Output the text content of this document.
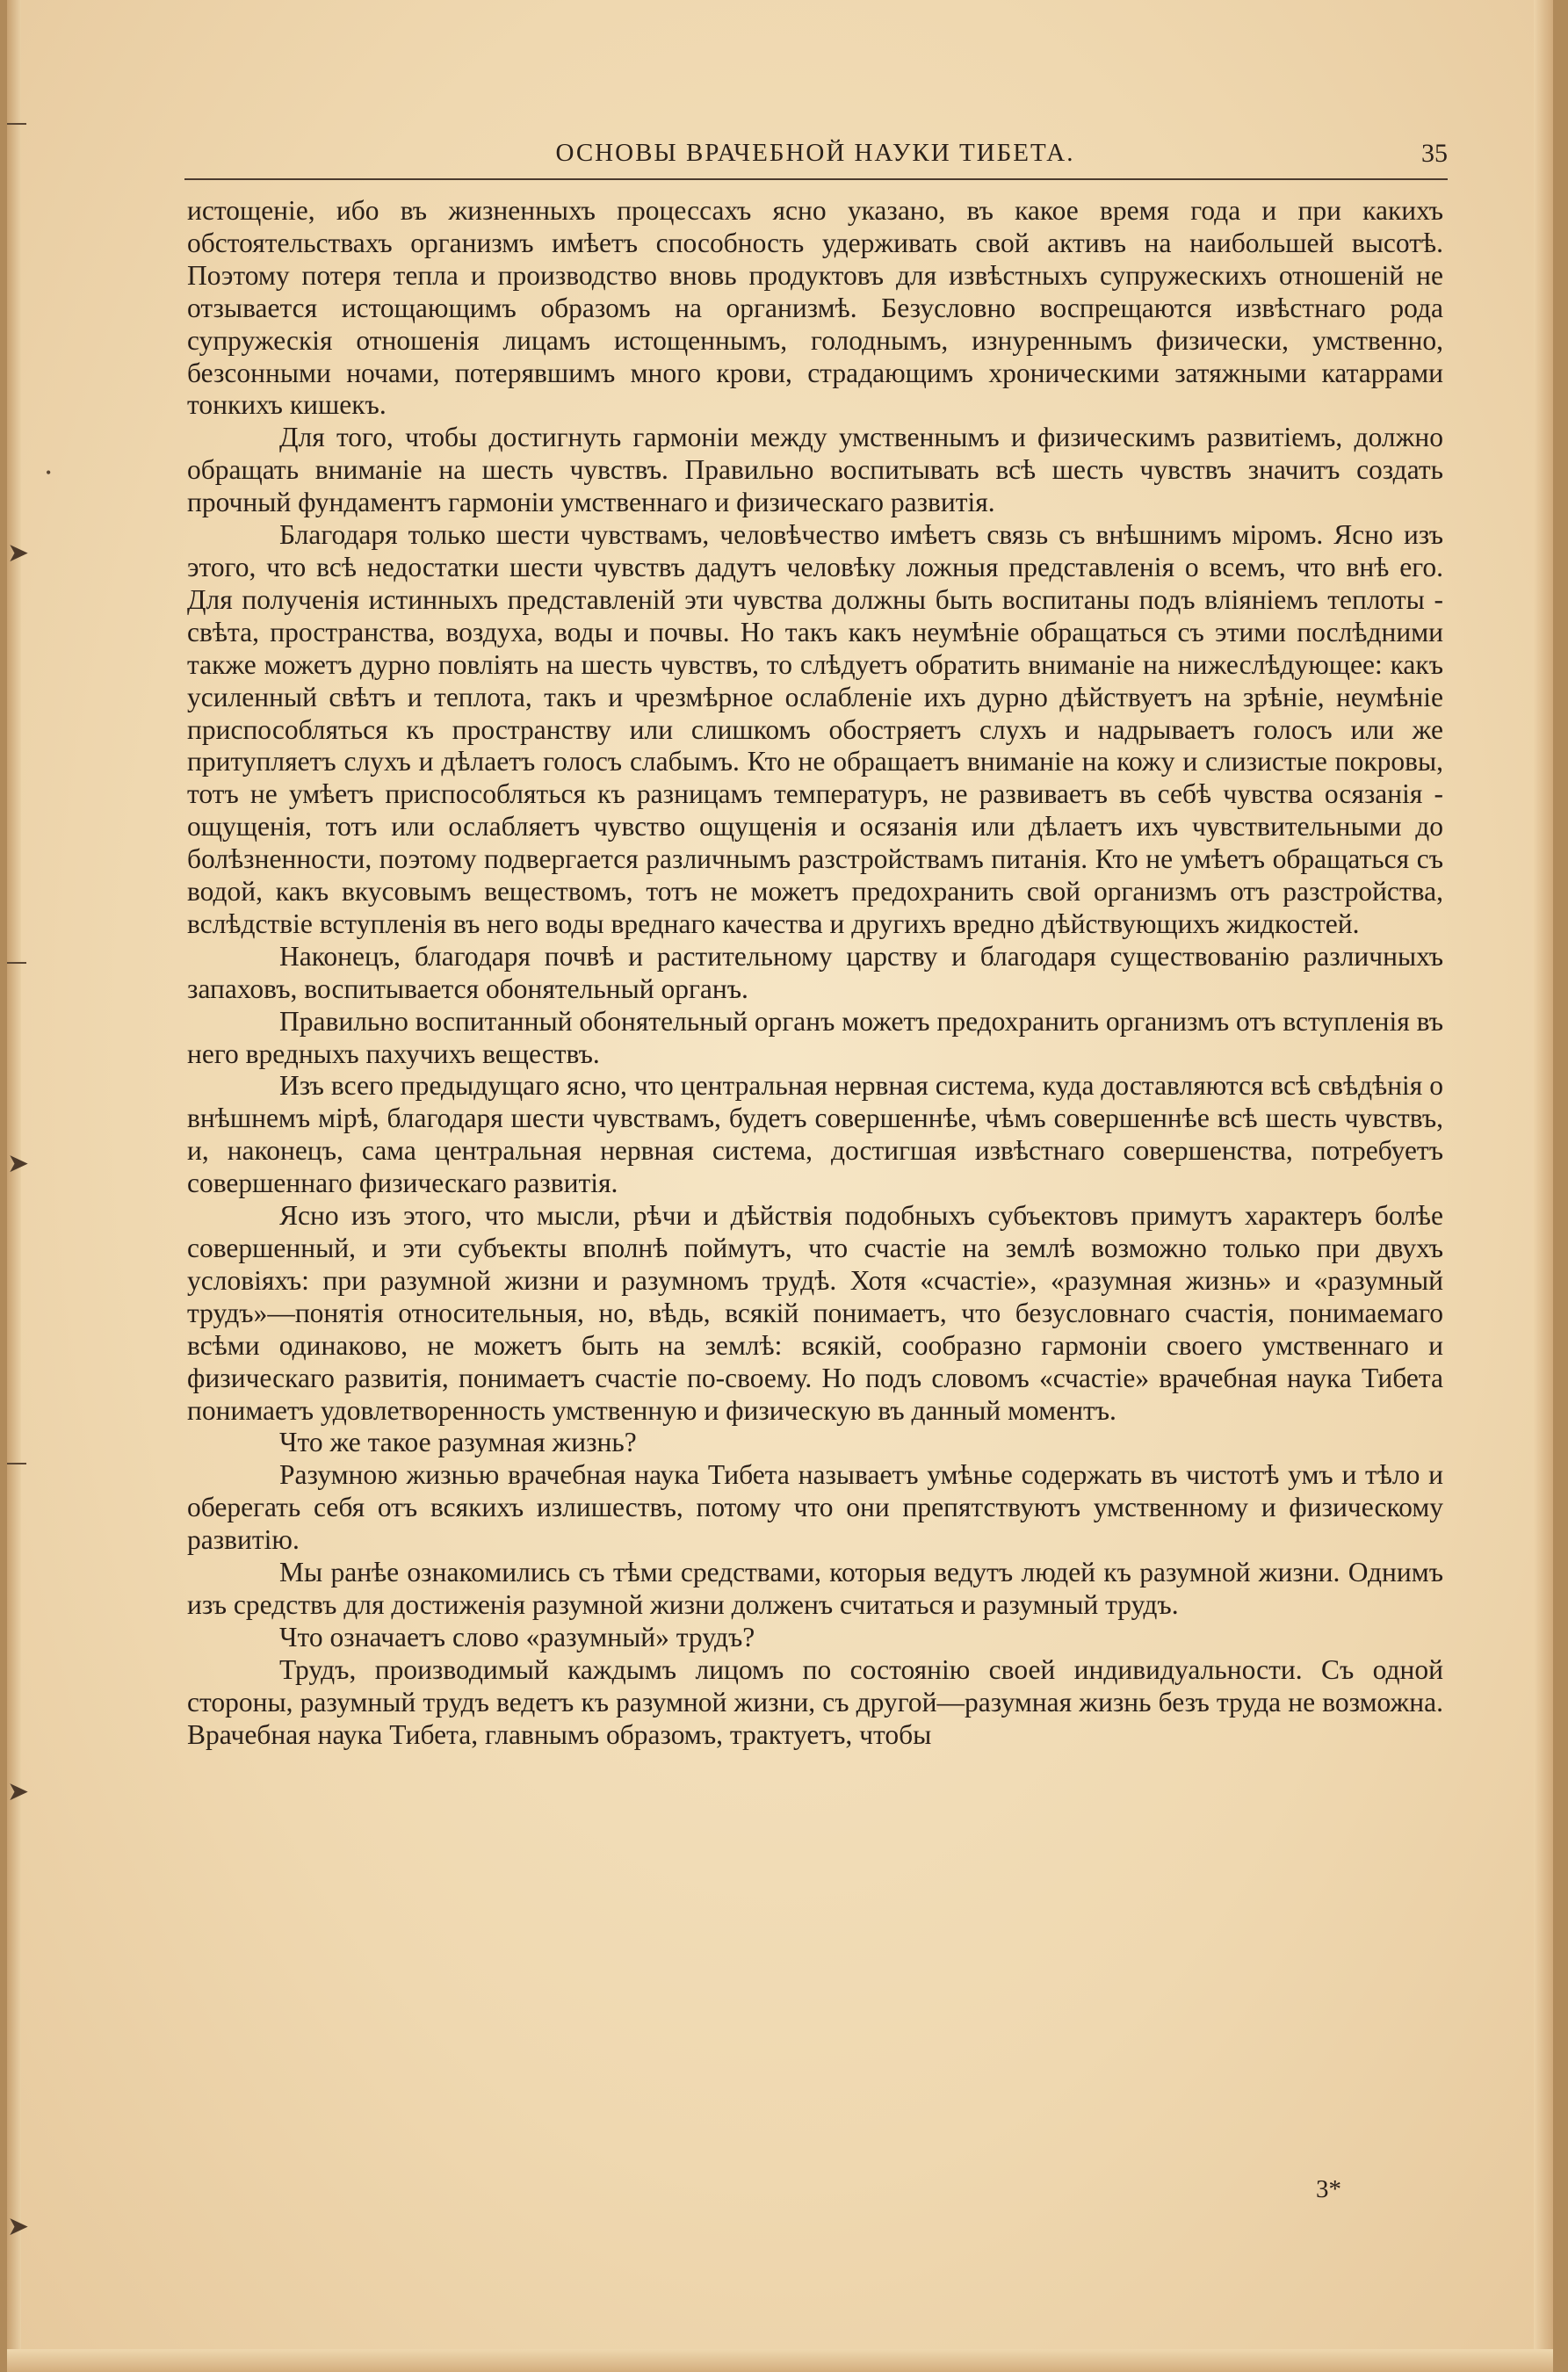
ОСНОВЫ ВРАЧЕБНОЙ НАУКИ ТИБЕТА.	35

истощеніе, ибо въ жизненныхъ процессахъ ясно указано, въ какое время года и при какихъ обстоятельствахъ организмъ имѣетъ способность удерживать свой активъ на наибольшей высотѣ. Поэтому потеря тепла и производство вновь продуктовъ для извѣстныхъ супружескихъ отношеній не отзывается истощающимъ образомъ на организмѣ. Безусловно воспрещаются извѣстнаго рода супружескія отношенія лицамъ истощеннымъ, голоднымъ, изнуреннымъ физически, умственно, безсонными ночами, потерявшимъ много крови, страдающимъ хроническими затяжными катаррами тонкихъ кишекъ.

Для того, чтобы достигнуть гармоніи между умственнымъ и физическимъ развитіемъ, должно обращать вниманіе на шесть чувствъ. Правильно воспитывать всѣ шесть чувствъ значитъ создать прочный фундаментъ гармоніи умственнаго и физическаго развитія.

Благодаря только шести чувствамъ, человѣчество имѣетъ связь съ внѣшнимъ міромъ. Ясно изъ этого, что всѣ недостатки шести чувствъ дадутъ человѣку ложныя представленія о всемъ, что внѣ его. Для полученія истинныхъ представленій эти чувства должны быть воспитаны подъ вліяніемъ теплоты - свѣта, пространства, воздуха, воды и почвы. Но такъ какъ неумѣніе обращаться съ этими послѣдними также можетъ дурно повліять на шесть чувствъ, то слѣдуетъ обратить вниманіе на нижеслѣдующее: какъ усиленный свѣтъ и теплота, такъ и чрезмѣрное ослабленіе ихъ дурно дѣйствуетъ на зрѣніе, неумѣніе приспособляться къ пространству или слишкомъ обостряетъ слухъ и надрываетъ голосъ или же притупляетъ слухъ и дѣлаетъ голосъ слабымъ. Кто не обращаетъ вниманіе на кожу и слизистые покровы, тотъ не умѣетъ приспособляться къ разницамъ температуръ, не развиваетъ въ себѣ чувства осязанія - ощущенія, тотъ или ослабляетъ чувство ощущенія и осязанія или дѣлаетъ ихъ чувствительными до болѣзненности, поэтому подвергается различнымъ разстройствамъ питанія. Кто не умѣетъ обращаться съ водой, какъ вкусовымъ веществомъ, тотъ не можетъ предохранить свой организмъ отъ разстройства, вслѣдствіе вступленія въ него воды вреднаго качества и другихъ вредно дѣйствующихъ жидкостей.

Наконецъ, благодаря почвѣ и растительному царству и благодаря существованію различныхъ запаховъ, воспитывается обонятельный органъ.

Правильно воспитанный обонятельный органъ можетъ предохранить организмъ отъ вступленія въ него вредныхъ пахучихъ веществъ.

Изъ всего предыдущаго ясно, что центральная нервная система, куда доставляются всѣ свѣдѣнія о внѣшнемъ мірѣ, благодаря шести чувствамъ, будетъ совершеннѣе, чѣмъ совершеннѣе всѣ шесть чувствъ, и, наконецъ, сама центральная нервная система, достигшая извѣстнаго совершенства, потребуетъ совершеннаго физическаго развитія.

Ясно изъ этого, что мысли, рѣчи и дѣйствія подобныхъ субъектовъ примутъ характеръ болѣе совершенный, и эти субъекты вполнѣ поймутъ, что счастіе на землѣ возможно только при двухъ условіяхъ: при разумной жизни и разумномъ трудѣ. Хотя «счастіе», «разумная жизнь» и «разумный трудъ»—понятія относительныя, но, вѣдь, всякій понимаетъ, что безусловнаго счастія, понимаемаго всѣми одинаково, не можетъ быть на землѣ: всякій, сообразно гармоніи своего умственнаго и физическаго развитія, понимаетъ счастіе по-своему. Но подъ словомъ «счастіе» врачебная наука Тибета понимаетъ удовлетворенность умственную и физическую въ данный моментъ.

Что же такое разумная жизнь?

Разумною жизнью врачебная наука Тибета называетъ умѣнье содержать въ чистотѣ умъ и тѣло и оберегать себя отъ всякихъ излишествъ, потому что они препятствуютъ умственному и физическому развитію.

Мы ранѣе ознакомились съ тѣми средствами, которыя ведутъ людей къ разумной жизни. Однимъ изъ средствъ для достиженія разумной жизни долженъ считаться и разумный трудъ.

Что означаетъ слово «разумный» трудъ?

Трудъ, производимый каждымъ лицомъ по состоянію своей индивидуальности. Съ одной стороны, разумный трудъ ведетъ къ разумной жизни, съ другой—разумная жизнь безъ труда не возможна. Врачебная наука Тибета, главнымъ образомъ, трактуетъ, чтобы

3*
➤
➤
➤
➤
•
